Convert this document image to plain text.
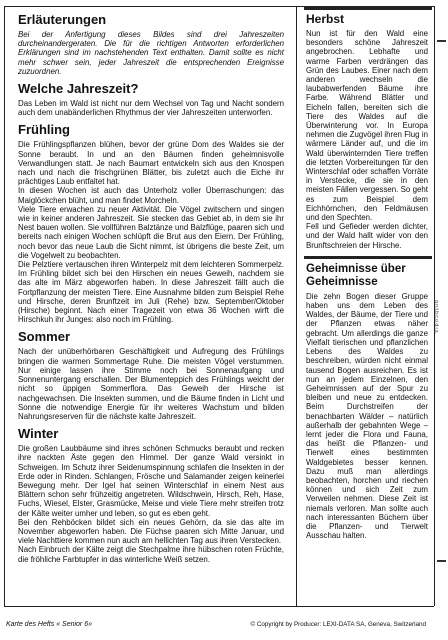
Erläuterungen

Bei der Anfertigung dieses Bildes sind drei Jahreszeiten durcheinandergeraten. Die für die richtigen Antworten erforderlichen Erklärungen sind im nachstehenden Text enthalten. Damit sollte es nicht mehr schwer sein, jeder Jahreszeit die entsprechenden Ereignisse zuzuordnen.

Welche Jahreszeit?

Das Leben im Wald ist nicht nur dem Wechsel von Tag und Nacht sondern auch dem unabänderlichen Rhythmus der vier Jahreszeiten unterworfen.

Frühling

Die Frühlingspflanzen blühen, bevor der grüne Dom des Waldes sie der Sonne beraubt. In und an den Bäumen finden geheimnisvolle Verwandlungen statt. Je nach Baumart entwickeln sich aus den Knospen nach und nach die frischgrünen Blätter, bis zuletzt auch die Eiche ihr prächtiges Laub entfaltet hat.

In diesen Wochen ist auch das Unterholz voller Überraschungen: das Maiglöckchen blüht, und man findet Morcheln.

Viele Tiere erwachen zu neuer Aktivität. Die Vögel zwitschern und singen wie in keiner anderen Jahreszeit. Sie stecken das Gebiet ab, in dem sie ihr Nest bauen wollen. Sie vollführen Balztänze und Balzflüge, paaren sich und bereits nach einigen Wochen schlüpft die Brut aus den Eiern. Der Frühling, noch bevor das neue Laub die Sicht nimmt, ist übrigens die beste Zeit, um die Vogelwelt zu beobachten.

Die Pelztiere vertauschen ihren Winterpelz mit dem leichteren Sommerpelz. Im Frühling bildet sich bei den Hirschen ein neues Geweih, nachdem sie das alte im März abgeworfen haben. In diese Jahreszeit fällt auch die Fortpflanzung der meisten Tiere. Eine Ausnahme bilden zum Beispiel Rehe und Hirsche, deren Brunftzeit im Juli (Rehe) bzw. September/Oktober (Hirsche) beginnt. Nach einer Tragezeit von etwa 36 Wochen wirft die Hirschkuh ihr Junges: also noch im Frühling.

Sommer

Nach der unüberhörbaren Geschäftigkeit und Aufregung des Frühlings bringen die warmen Sommertage Ruhe. Die meisten Vögel verstummen. Nur einige lassen ihre Stimme noch bei Sonnenaufgang und Sonnenuntergang erschallen. Der Blumenteppich des Frühlings weicht der nicht so üppigen Sommerflora. Das Geweih der Hirsche ist nachgewachsen. Die Insekten summen, und die Bäume finden in Licht und Sonne die notwendige Energie für ihr weiteres Wachstum und bilden Nahrungsreserven für die nächste kalte Jahreszeit.

Winter

Die großen Laubbäume sind ihres schönen Schmucks beraubt und recken ihre nackten Äste gegen den Himmel. Der ganze Wald versinkt in Schweigen. Im Schutz ihrer Seidenumspinnung schlafen die Insekten in der Erde oder in Rinden. Schlangen, Frösche und Salamander zeigen keinerlei Bewegung mehr. Der Igel hat seinen Winterschlaf in einem Nest aus Blättern schon sehr frühzeitig angetreten. Wildschwein, Hirsch, Reh, Hase, Fuchs, Wiesel, Elster, Grasmücke, Meise und viele Tiere mehr streifen trotz der Kälte weiter umher und leben, so gut es eben geht.

Bei den Rehböcken bildet sich ein neues Gehörn, da sie das alte im November abgeworfen haben. Die Füchse paaren sich Mitte Januar, und viele Nachttiere kommen nun auch am hellichten Tag aus ihren Verstecken.

Nach Einbruch der Kälte zeigt die Stechpalme ihre hübschen roten Früchte, die fröhliche Farbtupfer in das winterliche Weiß setzen.

Herbst

Nun ist für den Wald eine besonders schöne Jahreszeit angebrochen. Lebhafte und warme Farben verdrängen das Grün des Laubes. Einer nach dem anderen wechseln die laubabwerfenden Bäume ihre Farbe. Während Blätter und Eicheln fallen, bereiten sich die Tiere des Waldes auf die Überwinterung vor. In Europa nehmen die Zugvögel ihren Flug in wärmere Länder auf, und die im Wald überwinternden Tiere treffen die letzten Vorbereitungen für den Winterschlaf oder schaffen Vorräte in Verstecke, die sie in den meisten Fällen vergessen. So geht es zum Beispiel dem Eichhörnchen, den Feldmäusen und den Spechten.

Fell und Gefieder werden dichter, und der Wald hallt wider von den Brunftschreien der Hirsche.

Geheimnisse über Geheimnisse

Die zehn Bogen dieser Gruppe haben uns dem Leben des Waldes, der Bäume, der Tiere und der Pflanzen etwas näher gebracht. Um allerdings die ganze Vielfalt tierischen und pflanzlichen Lebens des Waldes zu beschreiben, würden nicht einmal tausend Bogen ausreichen. Es ist nun an jedem Einzelnen, den Geheimnissen auf der Spur zu bleiben und neue zu entdecken. Beim Durchstreifen der benachbarten Wälder – natürlich außerhalb der gebahnten Wege – lernt jeder die Flora und Fauna, das heißt die Pflanzen- und Tierwelt eines bestimmten Waldgebietes besser kennen. Dazu muß man allerdings beobachten, horchen und riechen können und sich Zeit zum Verweilen nehmen. Diese Zeit ist niemals verloren. Man sollte auch nach interessanten Büchern über die Pflanzen- und Tierwelt Ausschau halten.

g.n.t.b.c.o.d.i.s.
Karte des Hefts « Senior 6»	© Copyright by Producer: LEXI-DATA SA, Geneva, Switzerland
